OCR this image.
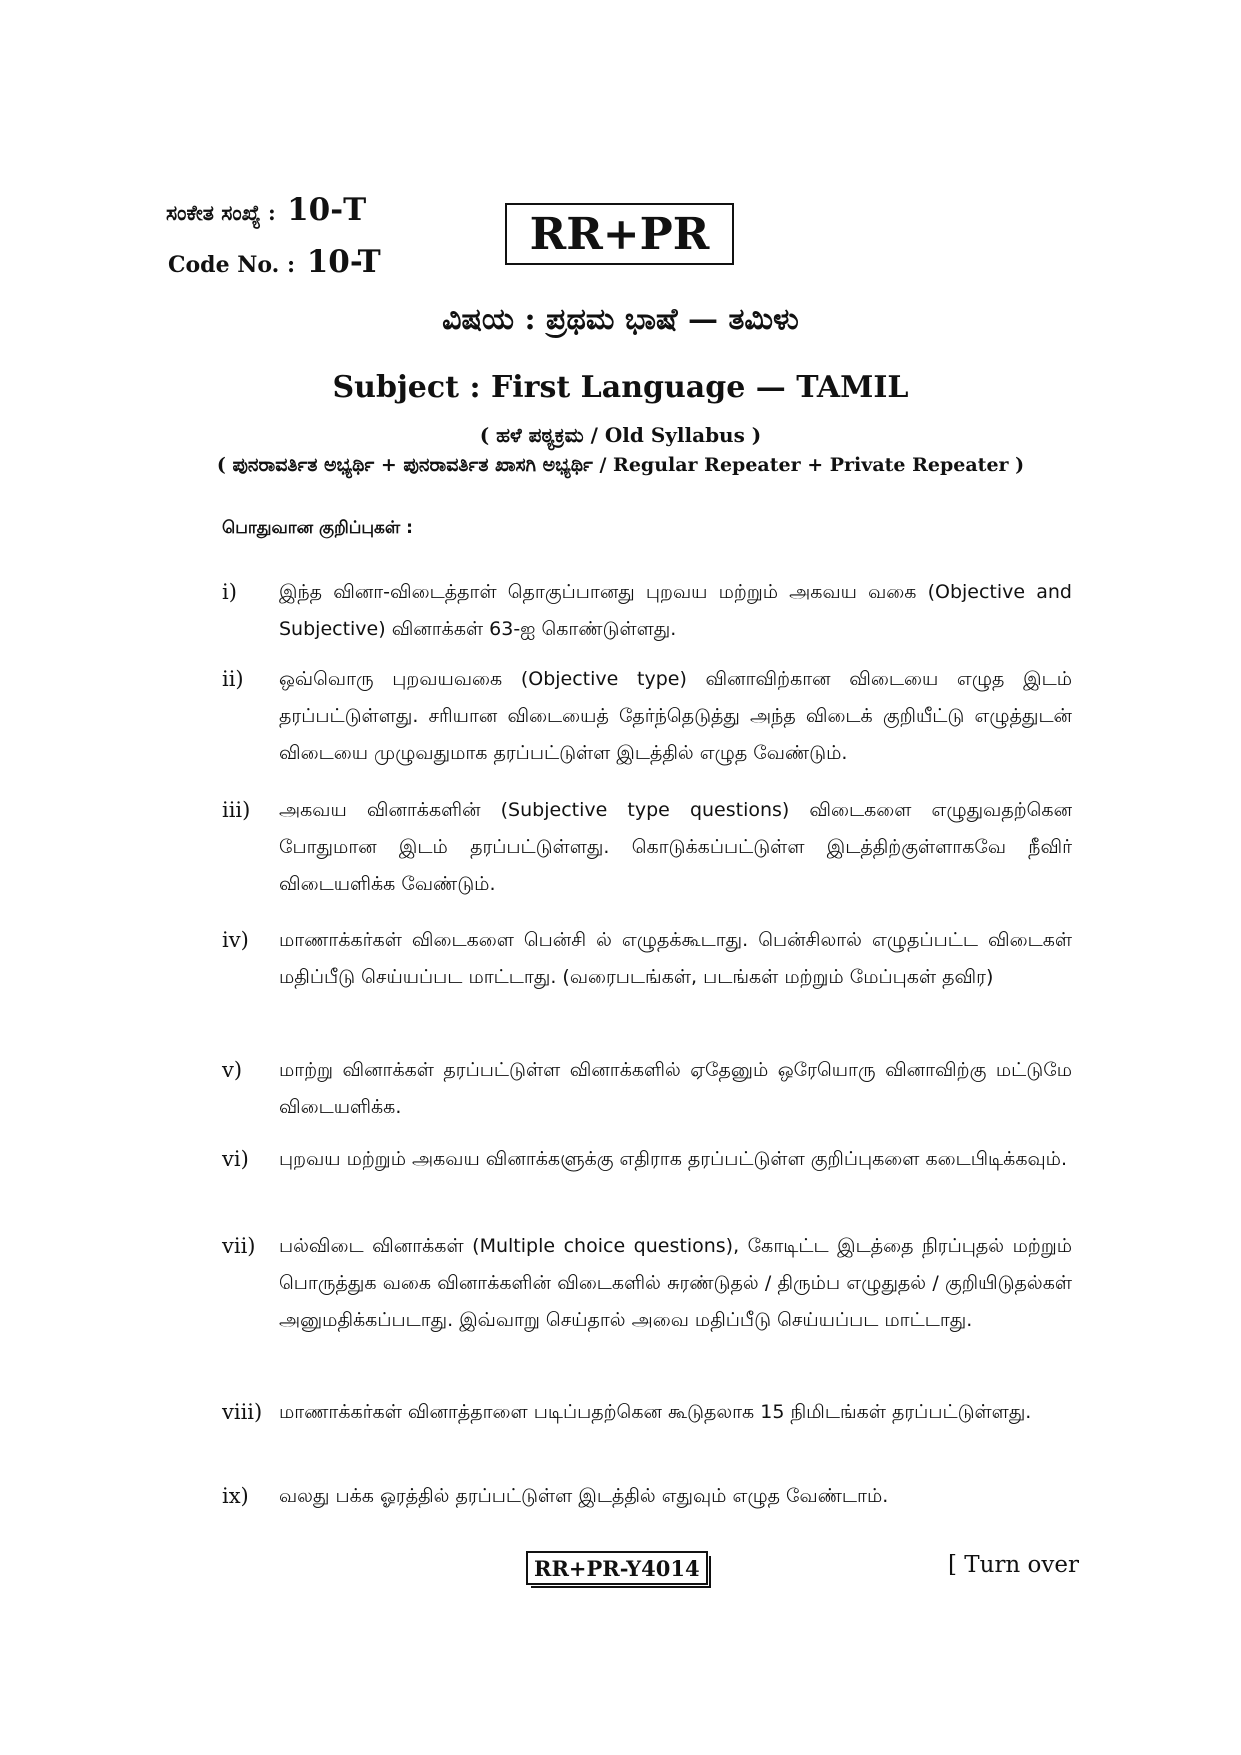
ಸಂಕೇತ ಸಂಖ್ಯೆ : 10-T
Code No. : 10-T
RR+PR
ವಿಷಯ : ಪ್ರಥಮ ಭಾಷೆ — ತಮಿಳು
Subject : First Language — TAMIL
( ಹಳೆ ಪಠ್ಯಕ್ರಮ / Old Syllabus )
( ಪುನರಾವರ್ತಿತ ಅಭ್ಯರ್ಥಿ + ಪುನರಾವರ್ತಿತ ಖಾಸಗಿ ಅಭ್ಯರ್ಥಿ / Regular Repeater + Private Repeater )
பொதுவான குறிப்புகள் :
i)	இந்த வினா-விடைத்தாள் தொகுப்பானது புறவய மற்றும் அகவய வகை (Objective and Subjective) வினாக்கள் 63-ஐ கொண்டுள்ளது.
ii)	ஒவ்வொரு புறவயவகை (Objective type) வினாவிற்கான விடையை எழுத இடம் தரப்பட்டுள்ளது. சரியான விடையைத் தேர்ந்தெடுத்து அந்த விடைக் குறியீட்டு எழுத்துடன் விடையை முழுவதுமாக தரப்பட்டுள்ள இடத்தில் எழுத வேண்டும்.
iii)	அகவய வினாக்களின் (Subjective type questions) விடைகளை எழுதுவதற்கென போதுமான இடம் தரப்பட்டுள்ளது. கொடுக்கப்பட்டுள்ள இடத்திற்குள்ளாகவே நீவிர் விடையளிக்க வேண்டும்.
iv)	மாணாக்கர்கள் விடைகளை பென்சி ல் எழுதக்கூடாது. பென்சிலால் எழுதப்பட்ட விடைகள் மதிப்பீடு செய்யப்பட மாட்டாது. (வரைபடங்கள், படங்கள் மற்றும் மேப்புகள் தவிர)
v)	மாற்று வினாக்கள் தரப்பட்டுள்ள வினாக்களில் ஏதேனும் ஒரேயொரு வினாவிற்கு மட்டுமே விடையளிக்க.
vi)	புறவய மற்றும் அகவய வினாக்களுக்கு எதிராக தரப்பட்டுள்ள குறிப்புகளை கடைபிடிக்கவும்.
vii)	பல்விடை வினாக்கள் (Multiple choice questions), கோடிட்ட இடத்தை நிரப்புதல் மற்றும் பொருத்துக வகை வினாக்களின் விடைகளில் சுரண்டுதல் / திரும்ப எழுதுதல் / குறியிடுதல்கள் அனுமதிக்கப்படாது. இவ்வாறு செய்தால் அவை மதிப்பீடு செய்யப்பட மாட்டாது.
viii) மாணாக்கர்கள் வினாத்தாளை படிப்பதற்கென கூடுதலாக 15 நிமிடங்கள் தரப்பட்டுள்ளது.
ix)	வலது பக்க ஓரத்தில் தரப்பட்டுள்ள இடத்தில் எதுவும் எழுத வேண்டாம்.
RR+PR-Y4014	[ Turn over
